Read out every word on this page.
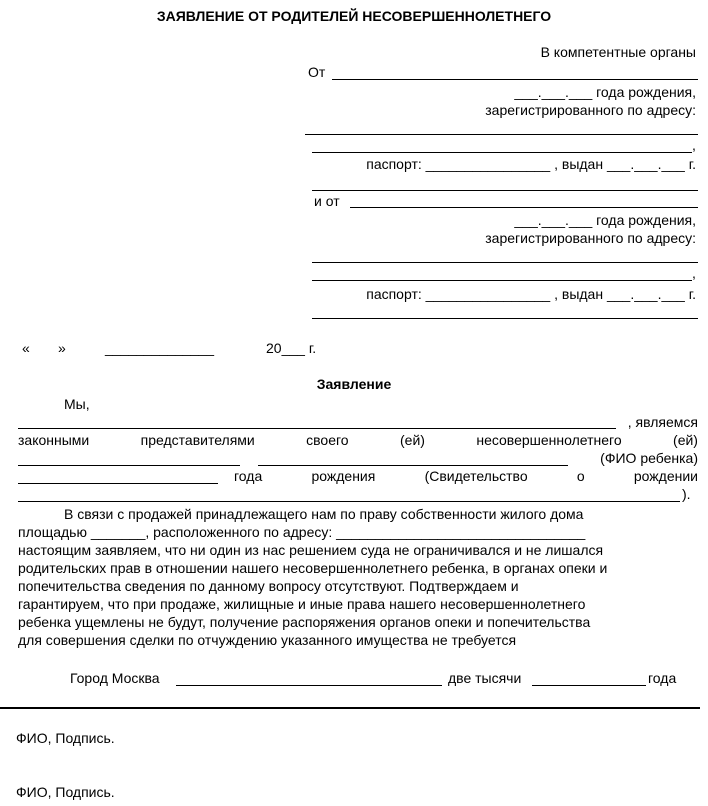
ЗАЯВЛЕНИЕ ОТ РОДИТЕЛЕЙ НЕСОВЕРШЕННОЛЕТНЕГО
В компетентные органы
От
___.___.___ года рождения,
зарегистрированного по адресу:
,
паспорт: ________________ , выдан ___.___.___ г.
и от
___.___.___ года рождения,
зарегистрированного по адресу:
,
паспорт: ________________ , выдан ___.___.___ г.
« »	______________	20___ г.
Заявление
Мы,
, являемся
законными	представителями	своего	(ей)	несовершеннолетнего	(ей)
(ФИО ребенка)
года	рождения	(Свидетельство	о	рождении
).
В связи с продажей принадлежащего нам по праву собственности жилого дома
площадью _______, расположенного по адресу: ________________________________
настоящим заявляем, что ни один из нас решением суда не ограничивался и не лишался
родительских прав в отношении нашего несовершеннолетнего ребенка, в органах опеки и
попечительства сведения по данному вопросу отсутствуют. Подтверждаем и
гарантируем, что при продаже, жилищные и иные права нашего несовершеннолетнего
ребенка ущемлены не будут, получение распоряжения органов опеки и попечительства
для совершения сделки по отчуждению указанного имущества не требуется
Город Москва	две тысячи	года
ФИО, Подпись.
ФИО, Подпись.
